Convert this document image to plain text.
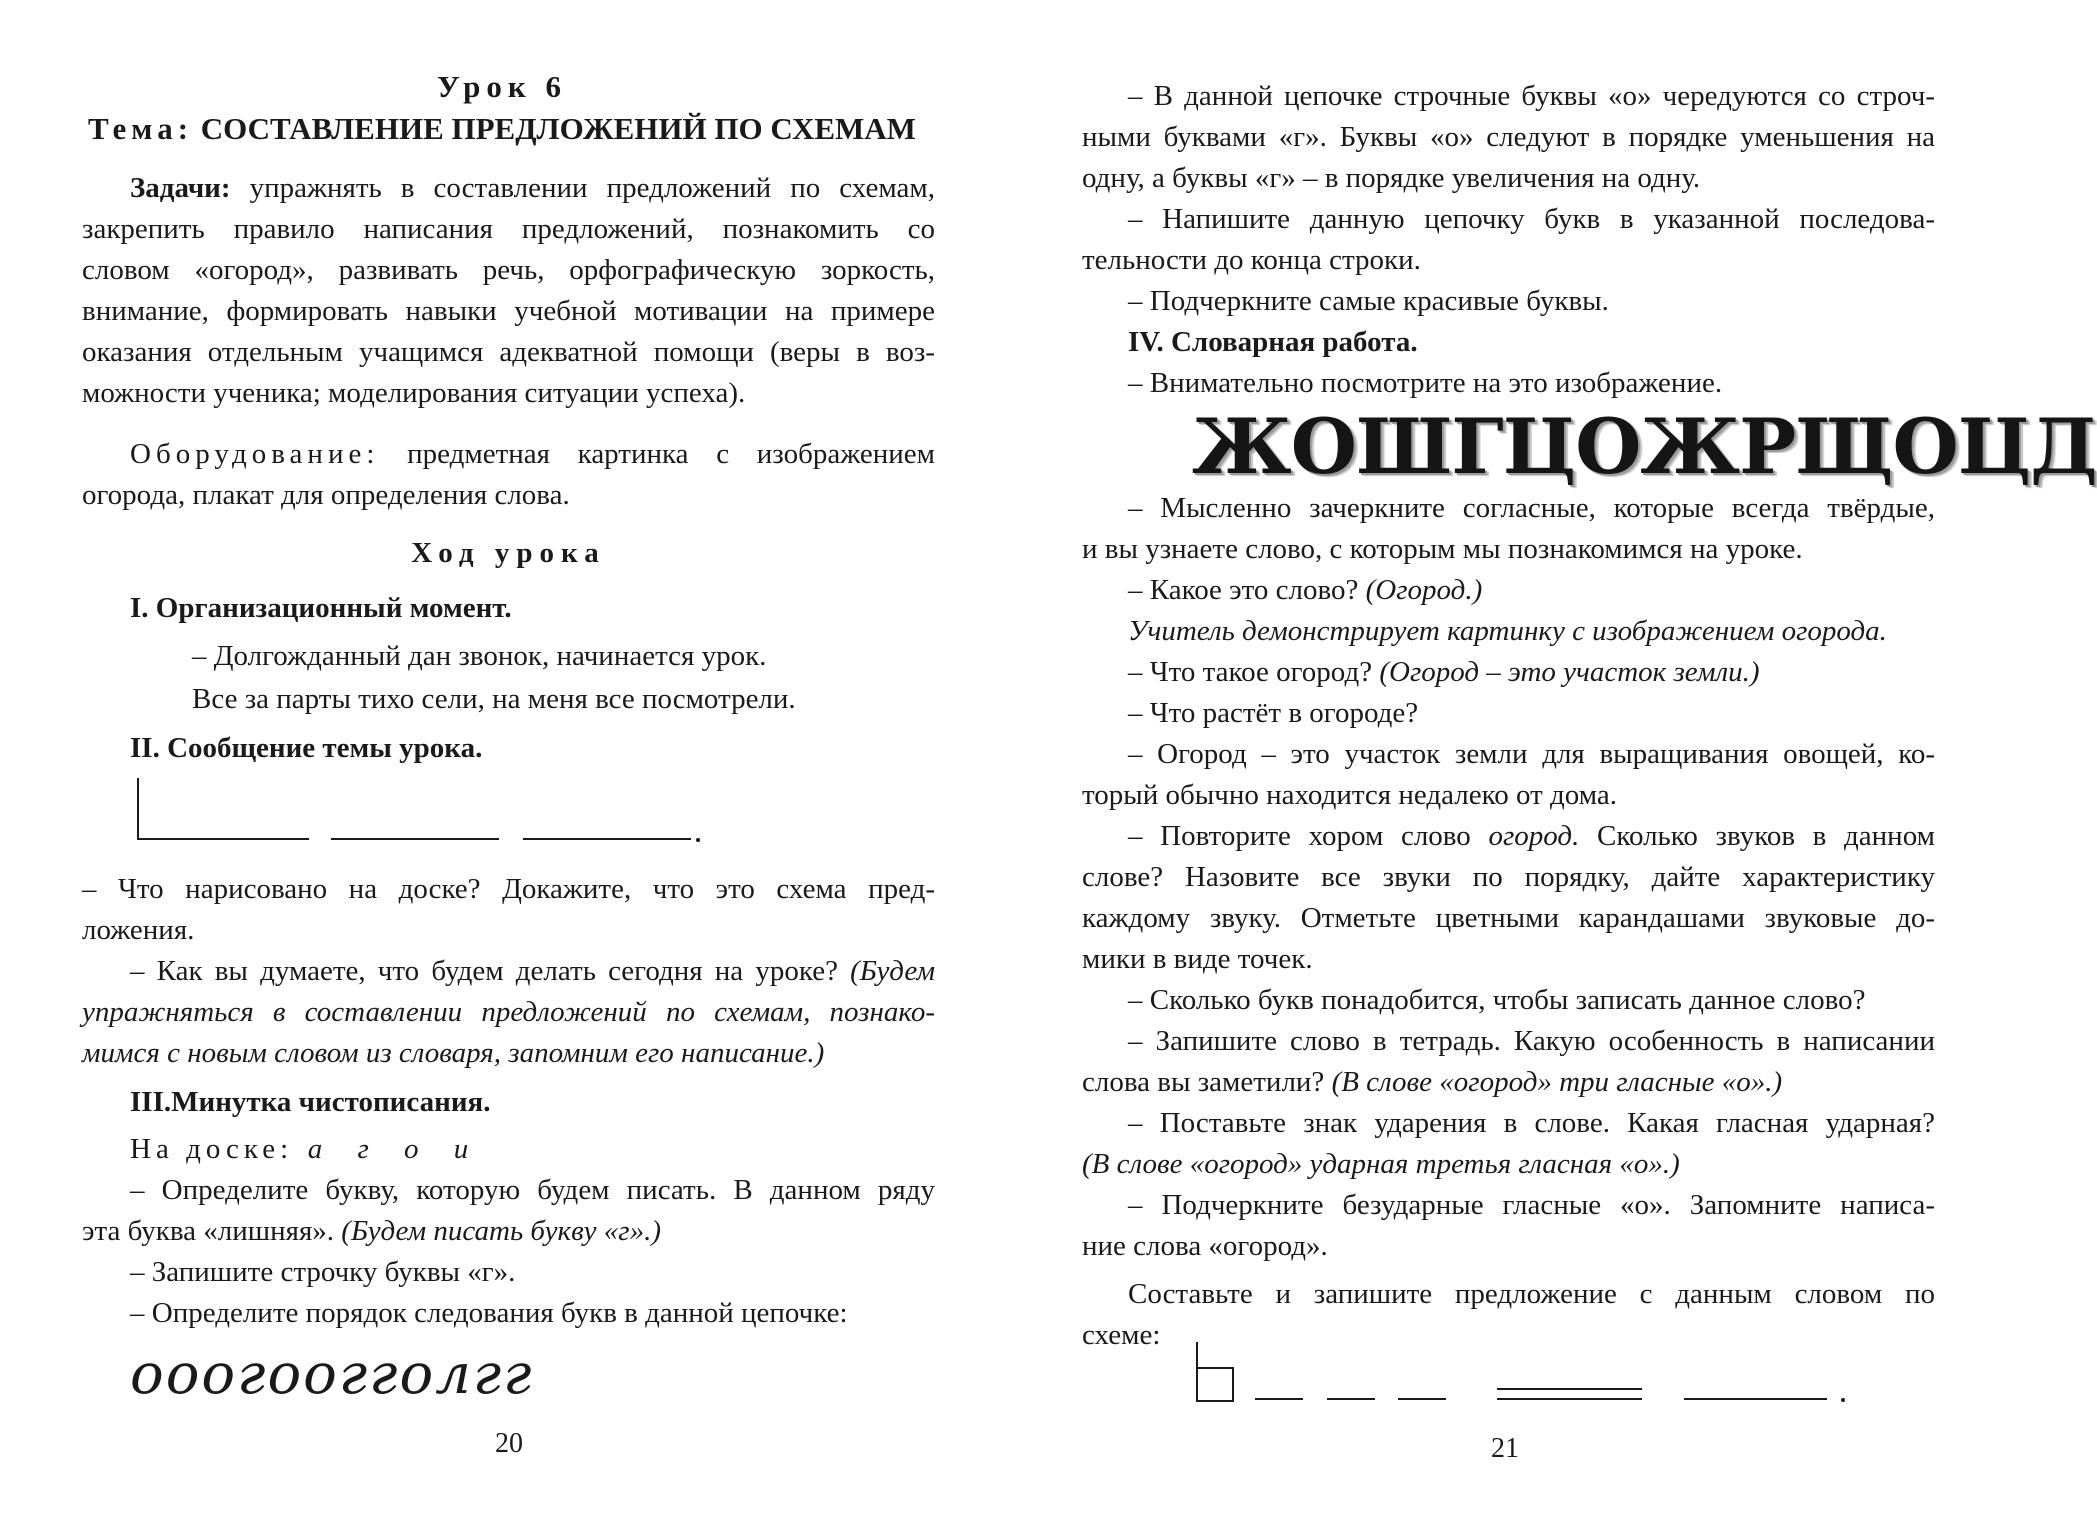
Урок 6
Тема: СОСТАВЛЕНИЕ ПРЕДЛОЖЕНИЙ ПО СХЕМАМ
Задачи: упражнять в составлении предложений по схемам,
закрепить правило написания предложений, познакомить со
словом «огород», развивать речь, орфографическую зоркость,
внимание, формировать навыки учебной мотивации на примере
оказания отдельным учащимся адекватной помощи (веры в воз-
можности ученика; моделирования ситуации успеха).
Оборудование: предметная картинка с изображением
огорода, плакат для определения слова.
Ход урока
I. Организационный момент.
– Долгожданный дан звонок, начинается урок.
Все за парты тихо сели, на меня все посмотрели.
II. Сообщение темы урока.
– Что нарисовано на доске? Докажите, что это схема пред-
ложения.
– Как вы думаете, что будем делать сегодня на уроке? (Будем
упражняться в составлении предложений по схемам, познако-
мимся с новым словом из словаря, запомним его написание.)
III.Минутка чистописания.
На доске: а г о и
– Определите букву, которую будем писать. В данном ряду
эта буква «лишняя». (Будем писать букву «г».)
– Запишите строчку буквы «г».
– Определите порядок следования букв в данной цепочке:
ооогоогголгг
20
– В данной цепочке строчные буквы «о» чередуются со строч-
ными буквами «г». Буквы «о» следуют в порядке уменьшения на
одну, а буквы «г» – в порядке увеличения на одну.
– Напишите данную цепочку букв в указанной последова-
тельности до конца строки.
– Подчеркните самые красивые буквы.
IV. Словарная работа.
– Внимательно посмотрите на это изображение.
ЖОШГЦОЖРЩОЦД
– Мысленно зачеркните согласные, которые всегда твёрдые,
и вы узнаете слово, с которым мы познакомимся на уроке.
– Какое это слово? (Огород.)
Учитель демонстрирует картинку с изображением огорода.
– Что такое огород? (Огород – это участок земли.)
– Что растёт в огороде?
– Огород – это участок земли для выращивания овощей, ко-
торый обычно находится недалеко от дома.
– Повторите хором слово огород. Сколько звуков в данном
слове? Назовите все звуки по порядку, дайте характеристику
каждому звуку. Отметьте цветными карандашами звуковые до-
мики в виде точек.
– Сколько букв понадобится, чтобы записать данное слово?
– Запишите слово в тетрадь. Какую особенность в написании
слова вы заметили? (В слове «огород» три гласные «о».)
– Поставьте знак ударения в слове. Какая гласная ударная?
(В слове «огород» ударная третья гласная «о».)
– Подчеркните безударные гласные «о». Запомните написа-
ние слова «огород».
Составьте и запишите предложение с данным словом по
схеме:
21
